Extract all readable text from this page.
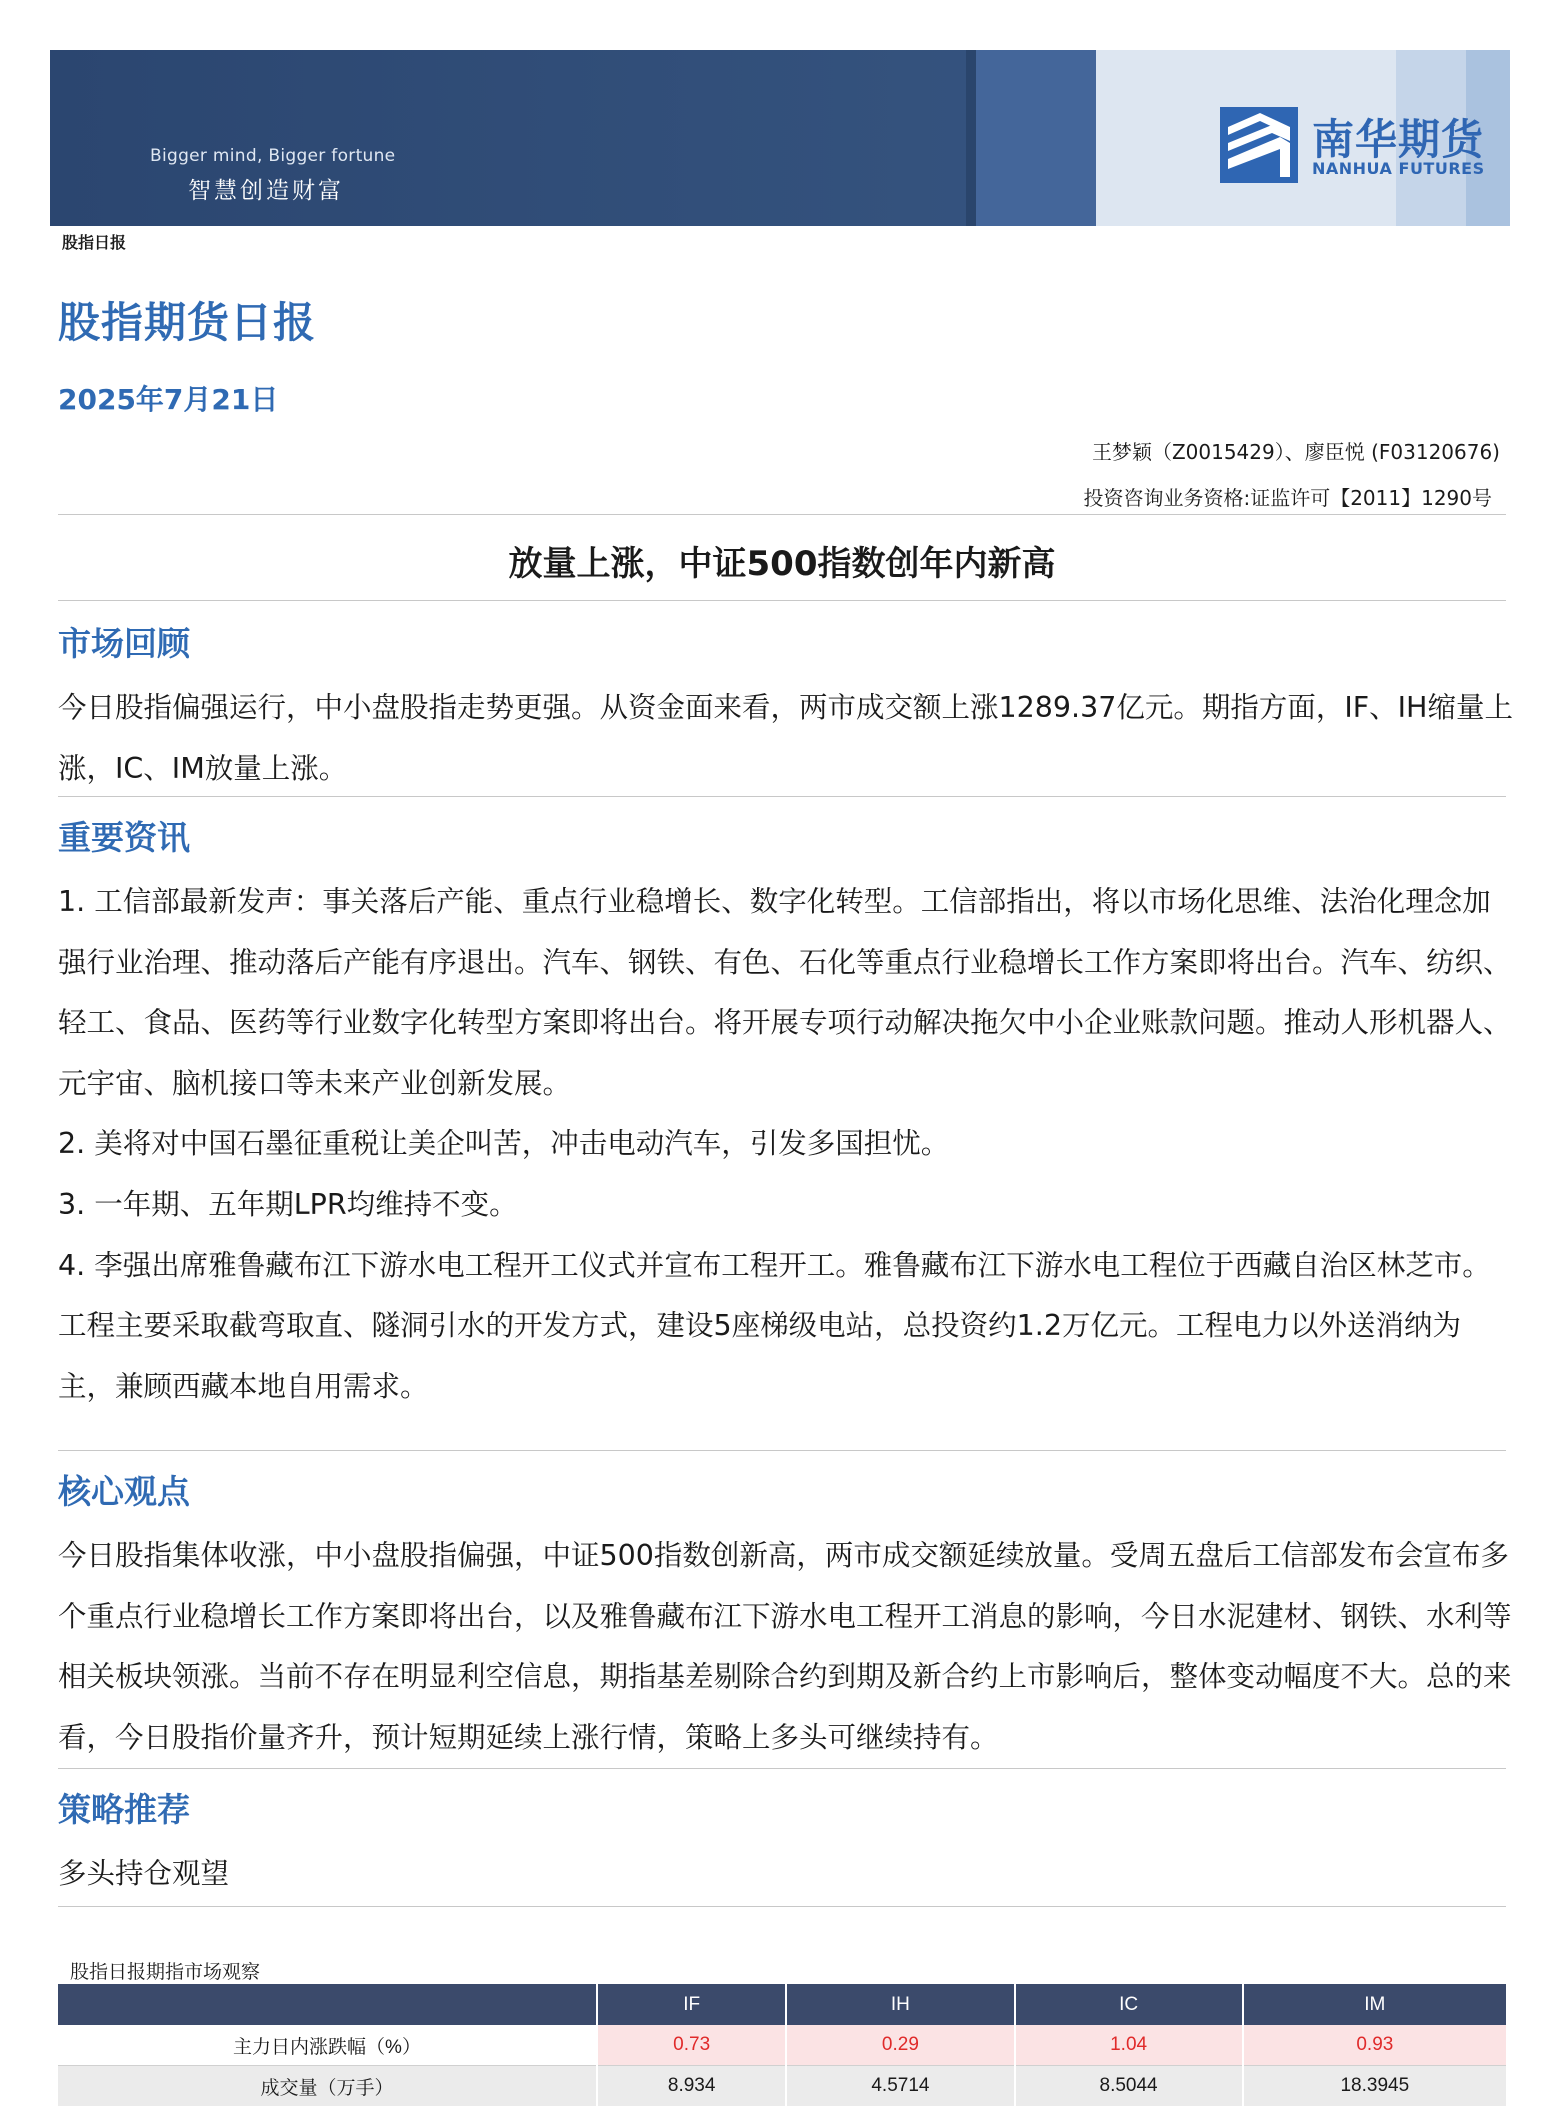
Bigger mind, Bigger fortune
智慧创造财富
南华期货
NANHUA FUTURES
股指日报
股指期货日报
2025年7月21日
王梦颖（Z0015429）、廖臣悦 (F03120676)
投资咨询业务资格:证监许可【2011】1290号
放量上涨，中证500指数创年内新高
市场回顾

今日股指偏强运行，中小盘股指走势更强。从资金面来看，两市成交额上涨1289.37亿元。期指方面，IF、IH缩量上涨，IC、IM放量上涨。

重要资讯
1. 工信部最新发声：事关落后产能、重点行业稳增长、数字化转型。工信部指出，将以市场化思维、法治化理念加强行业治理、推动落后产能有序退出。汽车、钢铁、有色、石化等重点行业稳增长工作方案即将出台。汽车、纺织、轻工、食品、医药等行业数字化转型方案即将出台。将开展专项行动解决拖欠中小企业账款问题。推动人形机器人、元宇宙、脑机接口等未来产业创新发展。
2. 美将对中国石墨征重税让美企叫苦，冲击电动汽车，引发多国担忧。
3. 一年期、五年期LPR均维持不变。
4. 李强出席雅鲁藏布江下游水电工程开工仪式并宣布工程开工。雅鲁藏布江下游水电工程位于西藏自治区林芝市。工程主要采取截弯取直、隧洞引水的开发方式，建设5座梯级电站，总投资约1.2万亿元。工程电力以外送消纳为主，兼顾西藏本地自用需求。
核心观点

今日股指集体收涨，中小盘股指偏强，中证500指数创新高，两市成交额延续放量。受周五盘后工信部发布会宣布多个重点行业稳增长工作方案即将出台，以及雅鲁藏布江下游水电工程开工消息的影响，今日水泥建材、钢铁、水利等相关板块领涨。当前不存在明显利空信息，期指基差剔除合约到期及新合约上市影响后，整体变动幅度不大。总的来看，今日股指价量齐升，预计短期延续上涨行情，策略上多头可继续持有。

策略推荐

多头持仓观望

股指日报期指市场观察
	IF	IH	IC	IM
主力日内涨跌幅（%）	0.73	0.29	1.04	0.93
成交量（万手）	8.934	4.5714	8.5044	18.3945
